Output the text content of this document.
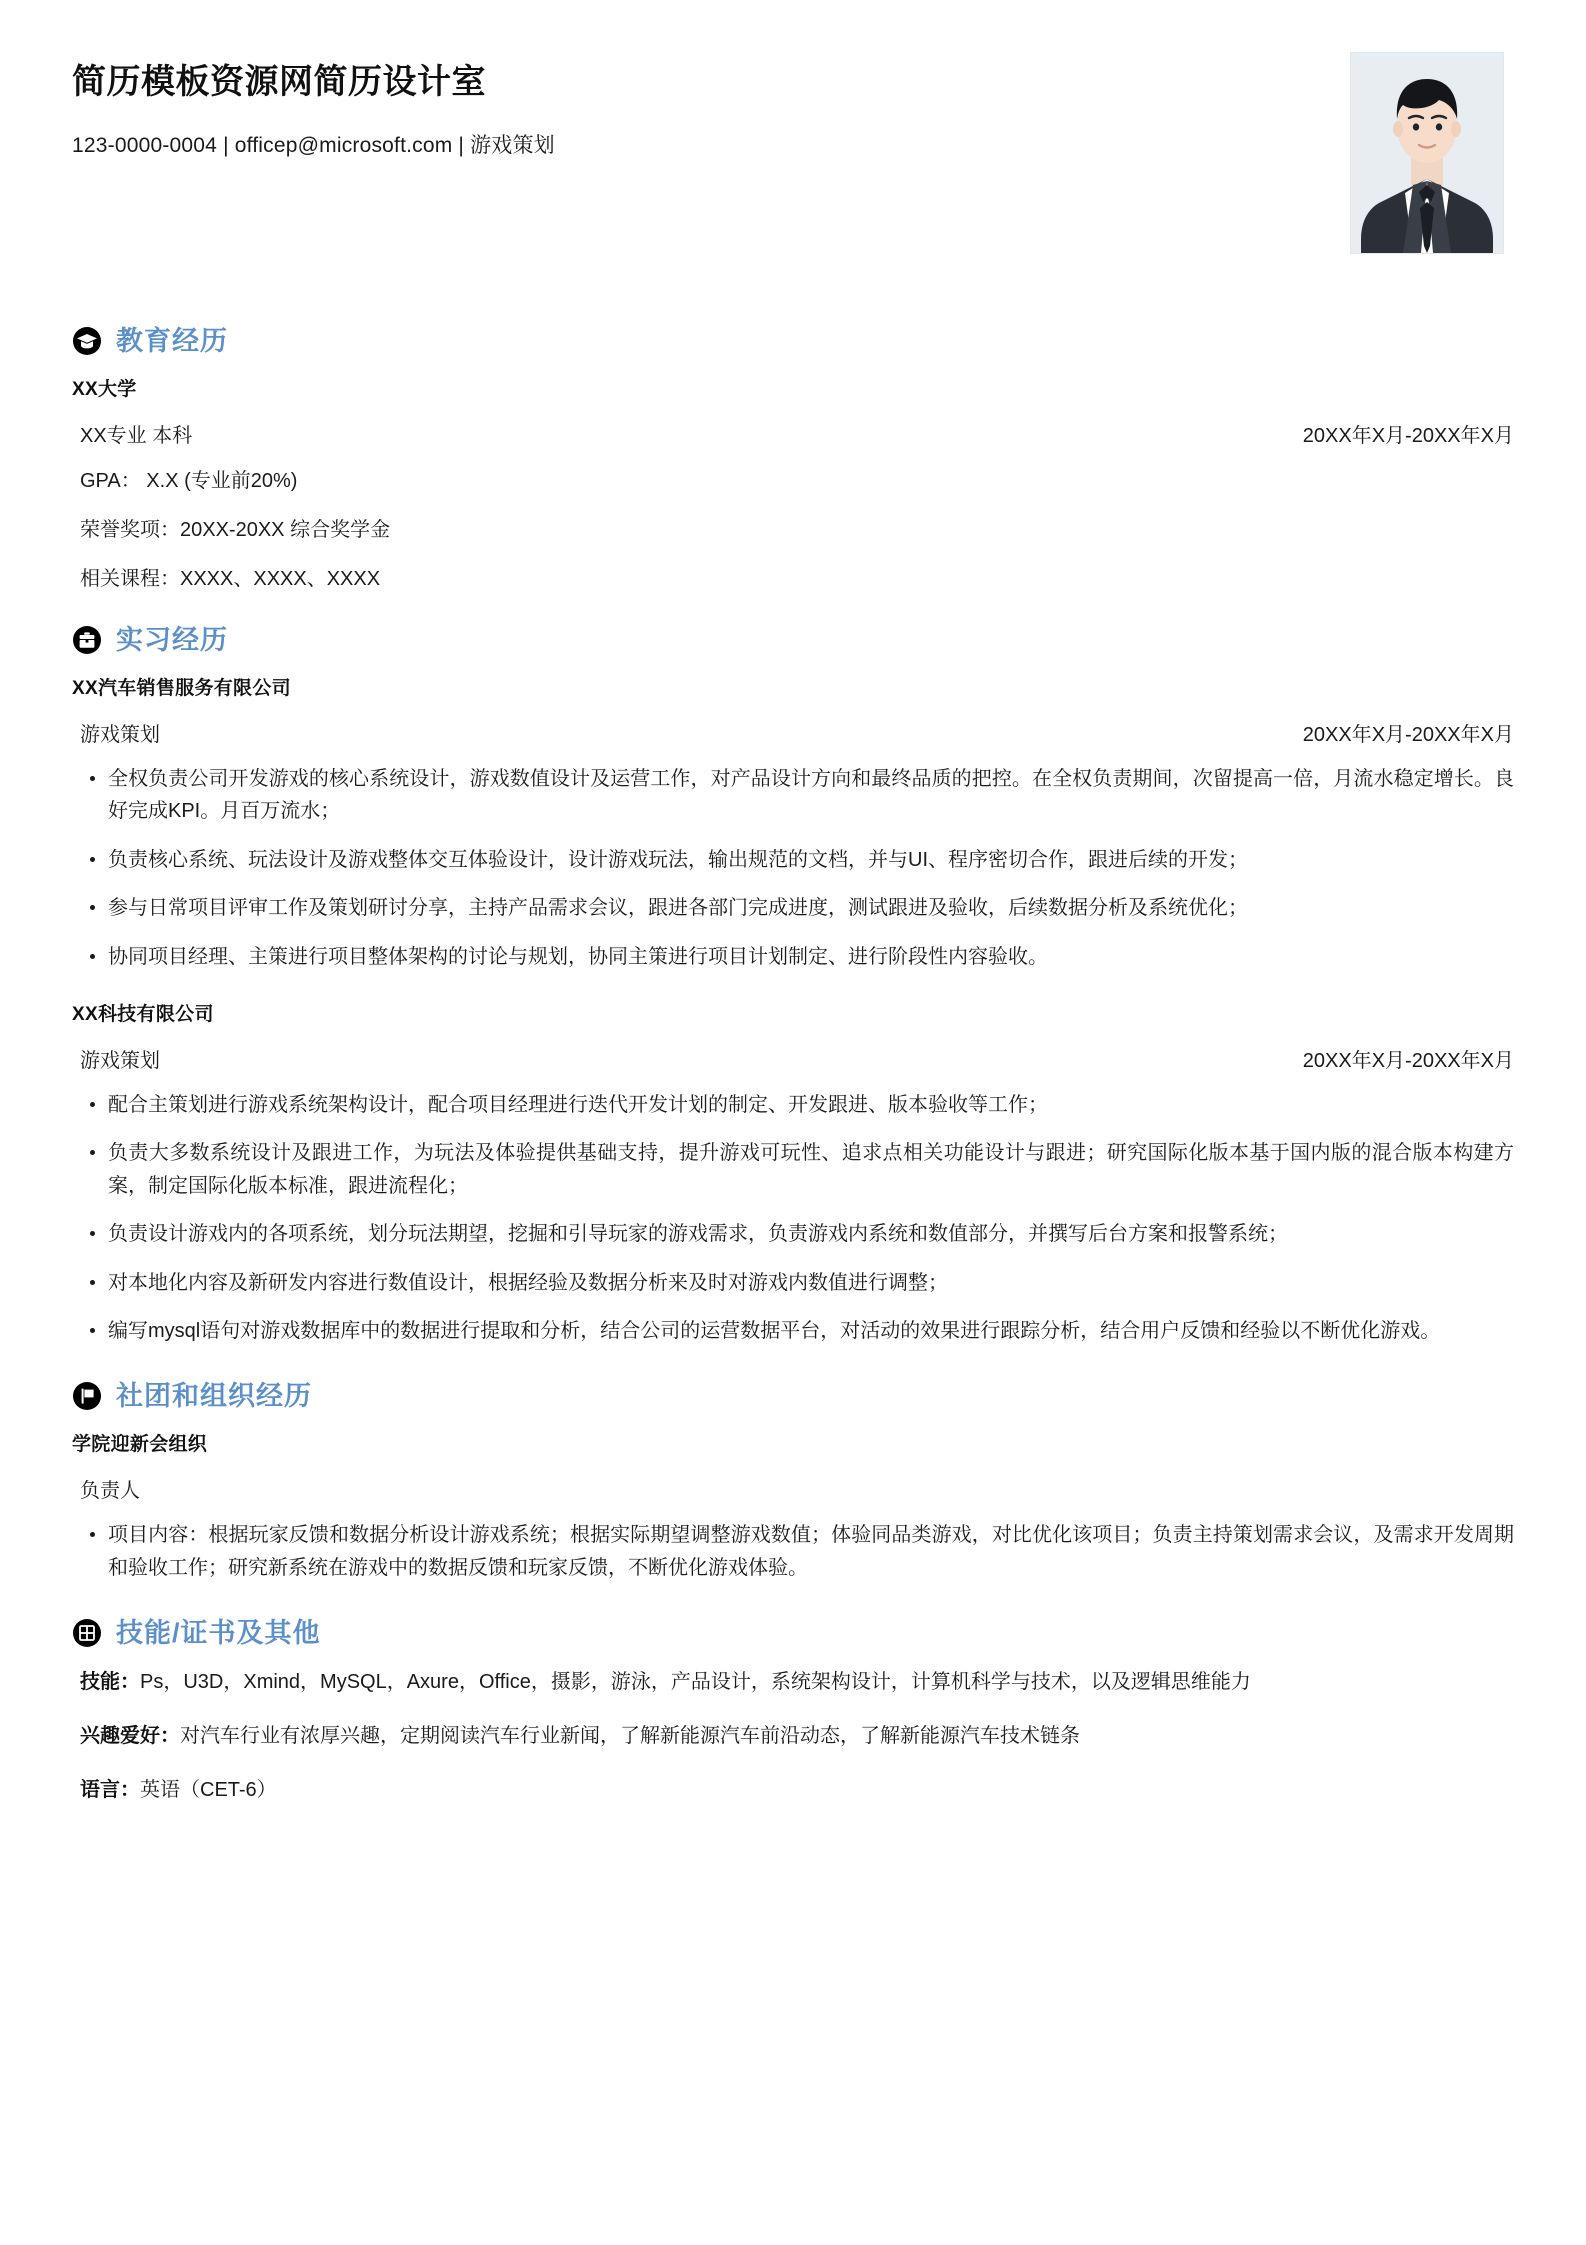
简历模板资源网简历设计室

123-0000-0004 | officep@microsoft.com | 游戏策划

教育经历
XX大学
XX专业 本科	20XX年X月-20XX年X月
GPA： X.X (专业前20%)
荣誉奖项：20XX-20XX 综合奖学金
相关课程：XXXX、XXXX、XXXX
实习经历
XX汽车销售服务有限公司
游戏策划	20XX年X月-20XX年X月
全权负责公司开发游戏的核心系统设计，游戏数值设计及运营工作，对产品设计方向和最终品质的把控。在全权负责期间，次留提高一倍，月流水稳定增长。良好完成KPI。月百万流水；
负责核心系统、玩法设计及游戏整体交互体验设计，设计游戏玩法，输出规范的文档，并与UI、程序密切合作，跟进后续的开发；
参与日常项目评审工作及策划研讨分享，主持产品需求会议，跟进各部门完成进度，测试跟进及验收，后续数据分析及系统优化；
协同项目经理、主策进行项目整体架构的讨论与规划，协同主策进行项目计划制定、进行阶段性内容验收。
XX科技有限公司
游戏策划	20XX年X月-20XX年X月
配合主策划进行游戏系统架构设计，配合项目经理进行迭代开发计划的制定、开发跟进、版本验收等工作；
负责大多数系统设计及跟进工作，为玩法及体验提供基础支持，提升游戏可玩性、追求点相关功能设计与跟进；研究国际化版本基于国内版的混合版本构建方案，制定国际化版本标准，跟进流程化；
负责设计游戏内的各项系统，划分玩法期望，挖掘和引导玩家的游戏需求，负责游戏内系统和数值部分，并撰写后台方案和报警系统；
对本地化内容及新研发内容进行数值设计，根据经验及数据分析来及时对游戏内数值进行调整；
编写mysql语句对游戏数据库中的数据进行提取和分析，结合公司的运营数据平台，对活动的效果进行跟踪分析，结合用户反馈和经验以不断优化游戏。
社团和组织经历
学院迎新会组织
负责人
项目内容：根据玩家反馈和数据分析设计游戏系统；根据实际期望调整游戏数值；体验同品类游戏，对比优化该项目；负责主持策划需求会议，及需求开发周期和验收工作；研究新系统在游戏中的数据反馈和玩家反馈，不断优化游戏体验。
技能/证书及其他
技能：Ps，U3D，Xmind，MySQL，Axure，Office，摄影，游泳，产品设计，系统架构设计，计算机科学与技术，以及逻辑思维能力
兴趣爱好：对汽车行业有浓厚兴趣，定期阅读汽车行业新闻，了解新能源汽车前沿动态，了解新能源汽车技术链条
语言：英语（CET-6）
